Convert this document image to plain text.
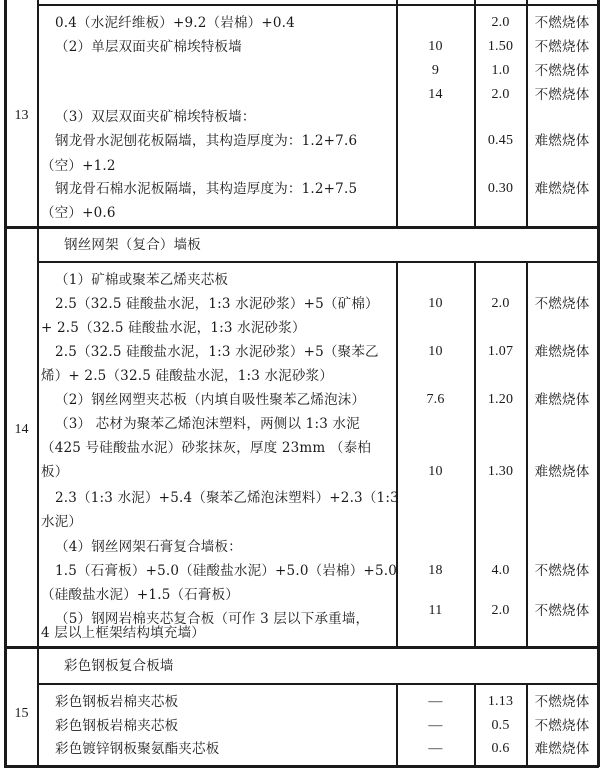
13
0.4（水泥纤维板）+9.2（岩棉）+0.4
（2）单层双面夹矿棉埃特板墙
（3）双层双面夹矿棉埃特板墙：
钢龙骨水泥刨花板隔墙，其构造厚度为：1.2+7.6
（空）+1.2
钢龙骨石棉水泥板隔墙，其构造厚度为：1.2+7.5
（空）+0.6
10
9
14
2.0
1.50
1.0
2.0
0.45
0.30
不燃烧体
不燃烧体
不燃烧体
不燃烧体
难燃烧体
难燃烧体
14
钢丝网架（复合）墙板
（1）矿棉或聚苯乙烯夹芯板
2.5（32.5 硅酸盐水泥，1:3 水泥砂浆）+5（矿棉）
+ 2.5（32.5 硅酸盐水泥，1:3 水泥砂浆）
2.5（32.5 硅酸盐水泥，1:3 水泥砂浆）+5（聚苯乙
烯）+ 2.5（32.5 硅酸盐水泥，1:3 水泥砂浆）
（2）钢丝网塑夹芯板（内填自吸性聚苯乙烯泡沫）
（3） 芯材为聚苯乙烯泡沫塑料，两侧以 1:3 水泥
（425 号硅酸盐水泥）砂浆抹灰，厚度 23mm （泰柏
板）
2.3（1:3 水泥）+5.4（聚苯乙烯泡沫塑料）+2.3（1:3
水泥）
（4）钢丝网架石膏复合墙板：
1.5（石膏板）+5.0（硅酸盐水泥）+5.0（岩棉）+5.0
（硅酸盐水泥）+1.5（石膏板）
（5）钢网岩棉夹芯复合板（可作 3 层以下承重墙，
4 层以上框架结构填充墙）
10
10
7.6
10
18
11
2.0
1.07
1.20
1.30
4.0
2.0
不燃烧体
难燃烧体
难燃烧体
难燃烧体
不燃烧体
不燃烧体
15
彩色钢板复合板墙
彩色钢板岩棉夹芯板
彩色钢板岩棉夹芯板
彩色镀锌钢板聚氨酯夹芯板
—
—
—
1.13
0.5
0.6
不燃烧体
不燃烧体
难燃烧体
